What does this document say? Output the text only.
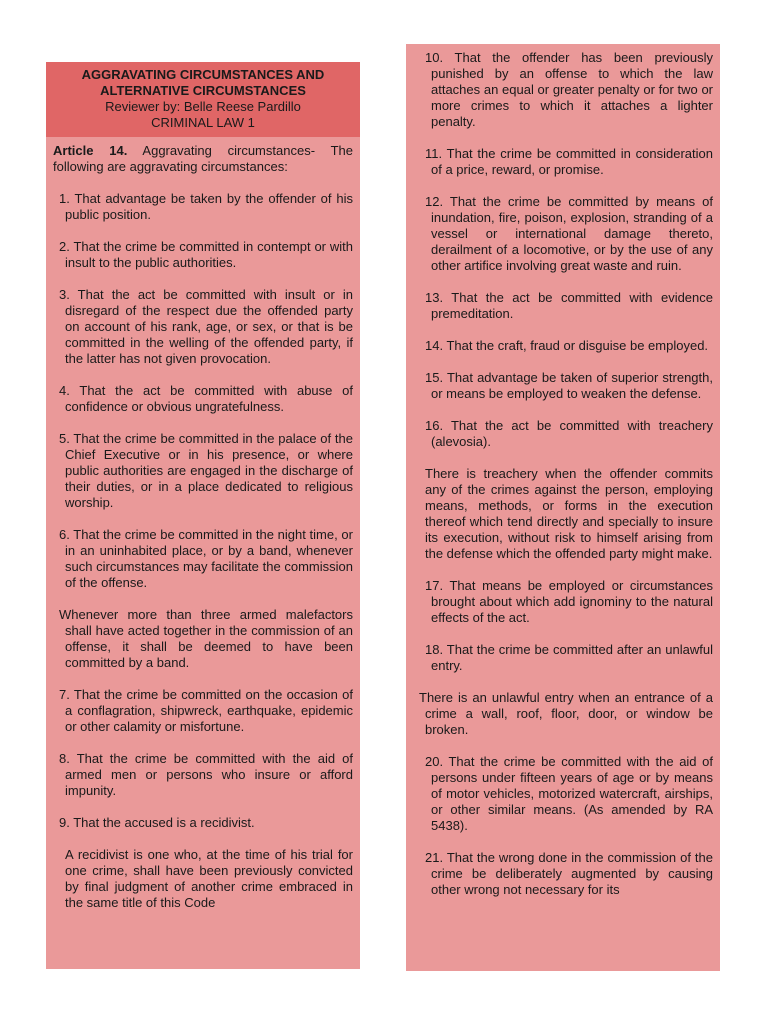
AGGRAVATING CIRCUMSTANCES AND
ALTERNATIVE CIRCUMSTANCES
Reviewer by: Belle Reese Pardillo
CRIMINAL LAW 1

Article 14. Aggravating circumstances- The following are aggravating circumstances:

1. That advantage be taken by the offender of his public position.

2. That the crime be committed in contempt or with insult to the public authorities.

3. That the act be committed with insult or in disregard of the respect due the offended party on account of his rank, age, or sex, or that is be committed in the welling of the offended party, if the latter has not given provocation.

4. That the act be committed with abuse of confidence or obvious ungratefulness.

5. That the crime be committed in the palace of the Chief Executive or in his presence, or where public authorities are engaged in the discharge of their duties, or in a place dedicated to religious worship.

6. That the crime be committed in the night time, or in an uninhabited place, or by a band, whenever such circumstances may facilitate the commission of the offense.

Whenever more than three armed malefactors shall have acted together in the commission of an offense, it shall be deemed to have been committed by a band.

7. That the crime be committed on the occasion of a conflagration, shipwreck, earthquake, epidemic or other calamity or misfortune.

8. That the crime be committed with the aid of armed men or persons who insure or afford impunity.

9. That the accused is a recidivist.

A recidivist is one who, at the time of his trial for one crime, shall have been previously convicted by final judgment of another crime embraced in the same title of this Code

10. That the offender has been previously punished by an offense to which the law attaches an equal or greater penalty or for two or more crimes to which it attaches a lighter penalty.

11. That the crime be committed in consideration of a price, reward, or promise.

12. That the crime be committed by means of inundation, fire, poison, explosion, stranding of a vessel or international damage thereto, derailment of a locomotive, or by the use of any other artifice involving great waste and ruin.

13. That the act be committed with evidence premeditation.

14. That the craft, fraud or disguise be employed.

15. That advantage be taken of superior strength, or means be employed to weaken the defense.

16. That the act be committed with treachery (alevosia).

There is treachery when the offender commits any of the crimes against the person, employing means, methods, or forms in the execution thereof which tend directly and specially to insure its execution, without risk to himself arising from the defense which the offended party might make.

17. That means be employed or circumstances brought about which add ignominy to the natural effects of the act.

18. That the crime be committed after an unlawful entry.

There is an unlawful entry when an entrance of a crime a wall, roof, floor, door, or window be broken.

20. That the crime be committed with the aid of persons under fifteen years of age or by means of motor vehicles, motorized watercraft, airships, or other similar means. (As amended by RA 5438).

21. That the wrong done in the commission of the crime be deliberately augmented by causing other wrong not necessary for its
